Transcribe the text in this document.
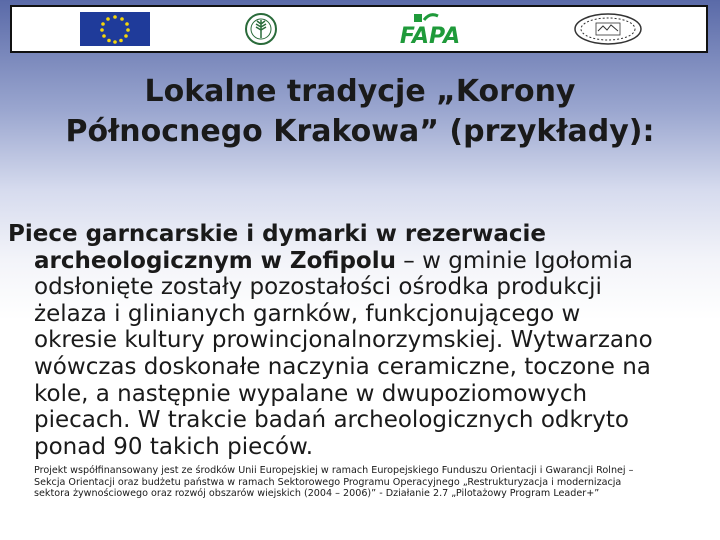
FAPA
Lokalne tradycje „Korony
Północnego Krakowa” (przykłady):
Piece garncarskie i dymarki w rezerwacie
archeologicznym w Zofipolu – w gminie Igołomia
odsłonięte zostały pozostałości ośrodka produkcji
żelaza i glinianych garnków, funkcjonującego w
okresie kultury prowincjonalnorzymskiej. Wytwarzano
wówczas doskonałe naczynia ceramiczne, toczone na
kole, a następnie wypalane w dwupoziomowych
piecach. W trakcie badań archeologicznych odkryto
ponad 90 takich pieców.
Projekt współfinansowany jest ze środków Unii Europejskiej w ramach Europejskiego Funduszu Orientacji i Gwarancji Rolnej –
Sekcja Orientacji oraz budżetu państwa w ramach Sektorowego Programu Operacyjnego „Restrukturyzacja i modernizacja
sektora żywnościowego oraz rozwój obszarów wiejskich (2004 – 2006)” - Działanie 2.7 „Pilotażowy Program Leader+”
